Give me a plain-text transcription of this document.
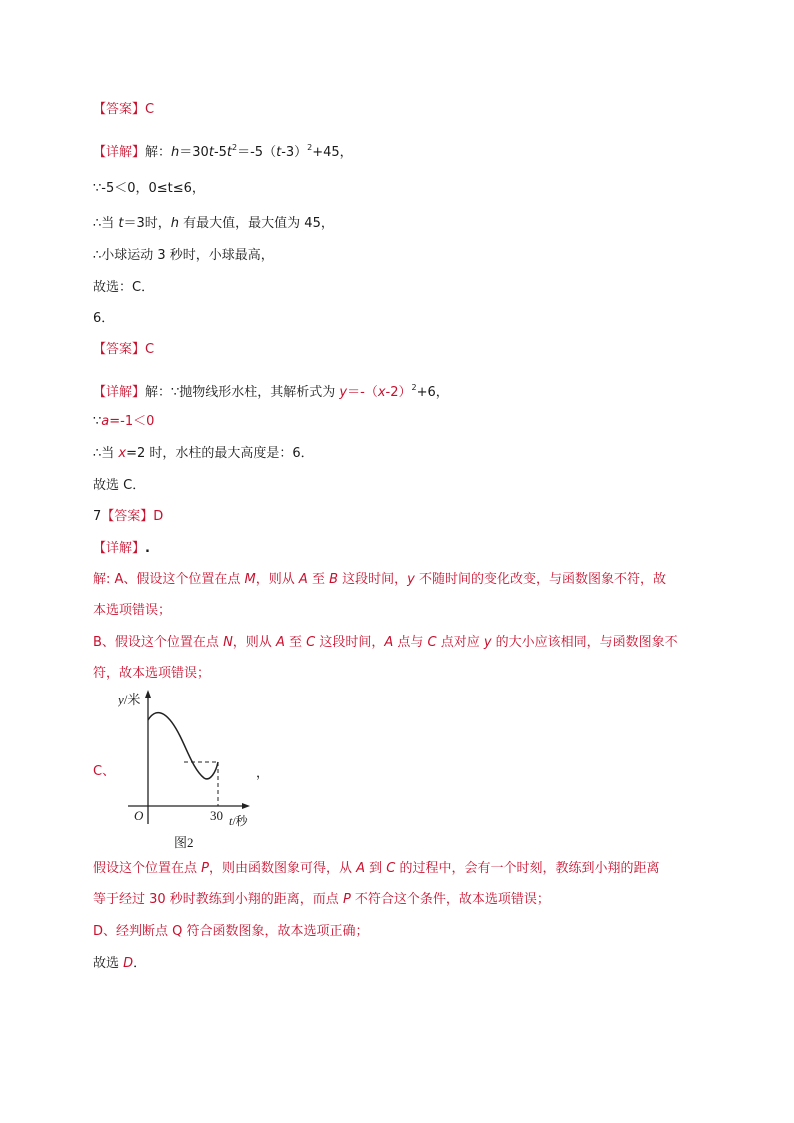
【答案】C
【详解】解：$h=30t-5t^2=-5(t-3)^2+45$，
∵-5＜0，0≤t≤6，
∴当 t＝3时，h 有最大值，最大值为 45，
∴小球运动 3 秒时，小球最高，
故选：C．
6．
【答案】C
【详解】解：∵抛物线形水柱，其解析式为 $y=-(x-2)^2+6$，
∵a=-1＜0
∴当 x=2 时，水柱的最大高度是：6．
故选 C．
7【答案】D
【详解】.
解: A、假设这个位置在点 M，则从 A 至 B 这段时间，y 不随时间的变化改变，与函数图象不符，故
本选项错误；
B、假设这个位置在点 N，则从 A 至 C 这段时间，A 点与 C 点对应 y 的大小应该相同，与函数图象不
符，故本选项错误；
C、
y/米
O	30 t/秒
图2
，
假设这个位置在点 P，则由函数图象可得，从 A 到 C 的过程中，会有一个时刻，教练到小翔的距离
等于经过 30 秒时教练到小翔的距离，而点 P 不符合这个条件，故本选项错误；
D、经判断点 Q 符合函数图象，故本选项正确；
故选 D．
